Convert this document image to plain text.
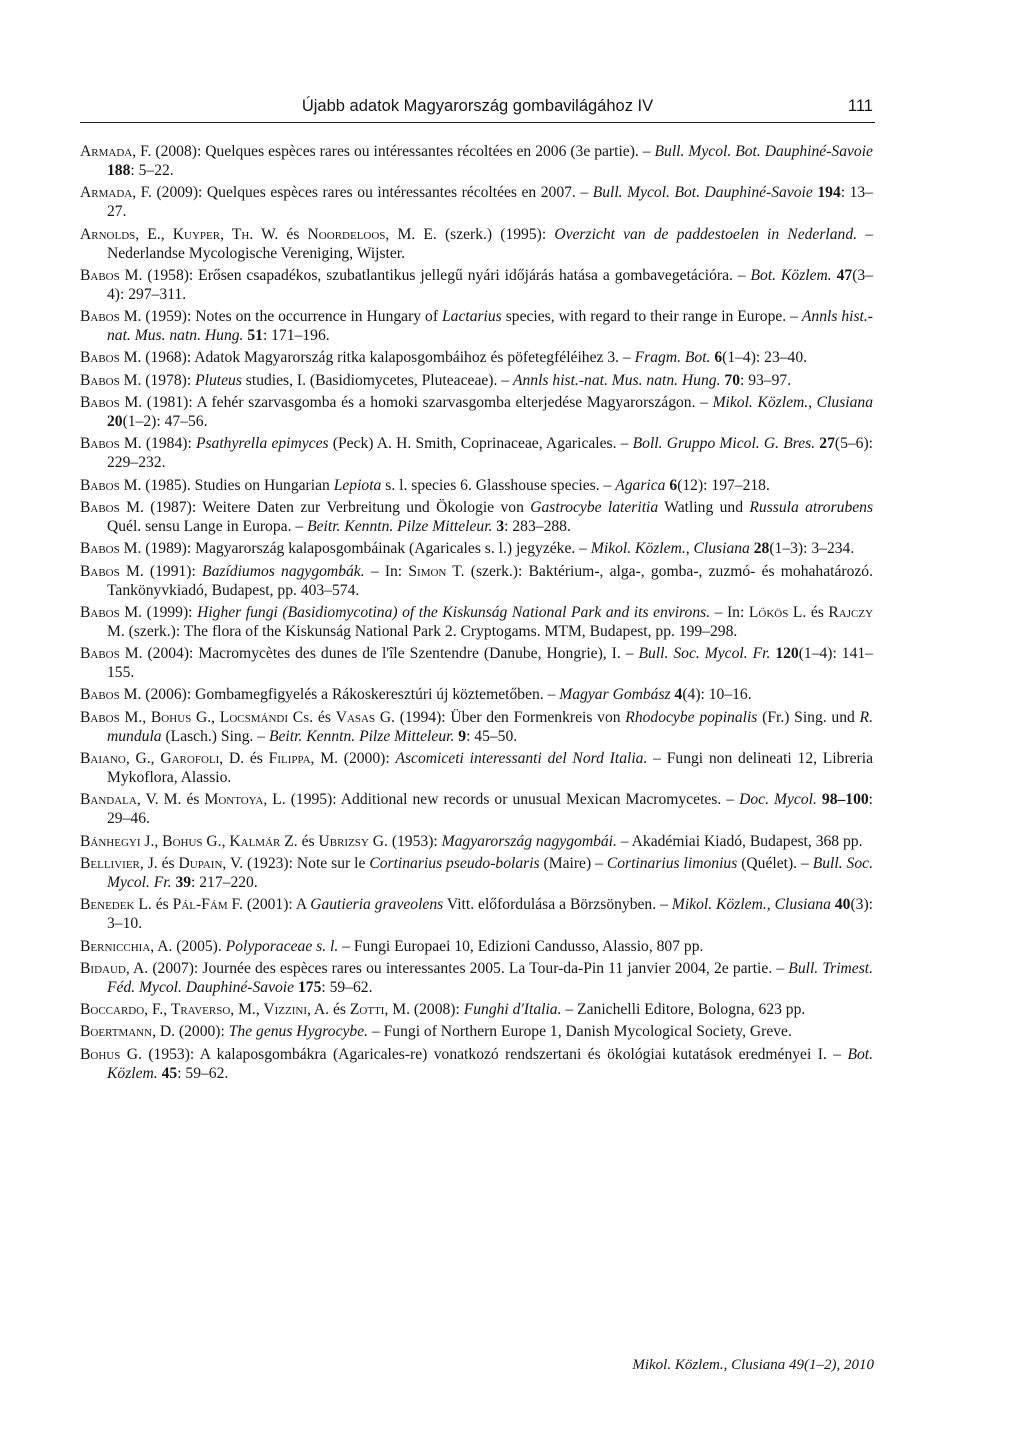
Újabb adatok Magyarország gombavilágához IV	111

Armada, F. (2008): Quelques espèces rares ou intéressantes récoltées en 2006 (3e partie). – Bull. Mycol. Bot. Dauphiné-Savoie 188: 5–22.

Armada, F. (2009): Quelques espèces rares ou intéressantes récoltées en 2007. – Bull. Mycol. Bot. Dauphiné-Savoie 194: 13–27.

Arnolds, E., Kuyper, Th. W. és Noordeloos, M. E. (szerk.) (1995): Overzicht van de paddestoelen in Nederland. – Nederlandse Mycologische Vereniging, Wijster.

Babos M. (1958): Erősen csapadékos, szubatlantikus jellegű nyári időjárás hatása a gombavegetációra. – Bot. Közlem. 47(3–4): 297–311.

Babos M. (1959): Notes on the occurrence in Hungary of Lactarius species, with regard to their range in Europe. – Annls hist.-nat. Mus. natn. Hung. 51: 171–196.

Babos M. (1968): Adatok Magyarország ritka kalaposgombáihoz és pöfetegféléihez 3. – Fragm. Bot. 6(1–4): 23–40.

Babos M. (1978): Pluteus studies, I. (Basidiomycetes, Pluteaceae). – Annls hist.-nat. Mus. natn. Hung. 70: 93–97.

Babos M. (1981): A fehér szarvasgomba és a homoki szarvasgomba elterjedése Magyarországon. – Mikol. Közlem., Clusiana 20(1–2): 47–56.

Babos M. (1984): Psathyrella epimyces (Peck) A. H. Smith, Coprinaceae, Agaricales. – Boll. Gruppo Micol. G. Bres. 27(5–6): 229–232.

Babos M. (1985). Studies on Hungarian Lepiota s. l. species 6. Glasshouse species. – Agarica 6(12): 197–218.

Babos M. (1987): Weitere Daten zur Verbreitung und Ökologie von Gastrocybe lateritia Watling und Russula atrorubens Quél. sensu Lange in Europa. – Beitr. Kenntn. Pilze Mitteleur. 3: 283–288.

Babos M. (1989): Magyarország kalaposgombáinak (Agaricales s. l.) jegyzéke. – Mikol. Közlem., Clusiana 28(1–3): 3–234.

Babos M. (1991): Bazídiumos nagygombák. – In: Simon T. (szerk.): Baktérium-, alga-, gomba-, zuzmó- és mohahatározó. Tankönyvkiadó, Budapest, pp. 403–574.

Babos M. (1999): Higher fungi (Basidiomycotina) of the Kiskunság National Park and its environs. – In: Lőkös L. és Rajczy M. (szerk.): The flora of the Kiskunság National Park 2. Cryptogams. MTM, Budapest, pp. 199–298.

Babos M. (2004): Macromycètes des dunes de l'île Szentendre (Danube, Hongrie), I. – Bull. Soc. Mycol. Fr. 120(1–4): 141–155.

Babos M. (2006): Gombamegfigyelés a Rákoskeresztúri új köztemetőben. – Magyar Gombász 4(4): 10–16.

Babos M., Bohus G., Locsmándi Cs. és Vasas G. (1994): Über den Formenkreis von Rhodocybe popinalis (Fr.) Sing. und R. mundula (Lasch.) Sing. – Beitr. Kenntn. Pilze Mitteleur. 9: 45–50.

Baiano, G., Garofoli, D. és Filippa, M. (2000): Ascomiceti interessanti del Nord Italia. – Fungi non delineati 12, Libreria Mykoflora, Alassio.

Bandala, V. M. és Montoya, L. (1995): Additional new records or unusual Mexican Macromycetes. – Doc. Mycol. 98–100: 29–46.

Bánhegyi J., Bohus G., Kalmár Z. és Ubrizsy G. (1953): Magyarország nagygombái. – Akadémiai Kiadó, Budapest, 368 pp.

Bellivier, J. és Dupain, V. (1923): Note sur le Cortinarius pseudo-bolaris (Maire) – Cortinarius limonius (Quélet). – Bull. Soc. Mycol. Fr. 39: 217–220.

Benedek L. és Pál-Fám F. (2001): A Gautieria graveolens Vitt. előfordulása a Börzsönyben. – Mikol. Közlem., Clusiana 40(3): 3–10.

Bernicchia, A. (2005). Polyporaceae s. l. – Fungi Europaei 10, Edizioni Candusso, Alassio, 807 pp.

Bidaud, A. (2007): Journée des espèces rares ou interessantes 2005. La Tour-da-Pin 11 janvier 2004, 2e partie. – Bull. Trimest. Féd. Mycol. Dauphiné-Savoie 175: 59–62.

Boccardo, F., Traverso, M., Vizzini, A. és Zotti, M. (2008): Funghi d'Italia. – Zanichelli Editore, Bologna, 623 pp.

Boertmann, D. (2000): The genus Hygrocybe. – Fungi of Northern Europe 1, Danish Mycological Society, Greve.

Bohus G. (1953): A kalaposgombákra (Agaricales-re) vonatkozó rendszertani és ökológiai kutatások eredményei I. – Bot. Közlem. 45: 59–62.

Mikol. Közlem., Clusiana 49(1–2), 2010
